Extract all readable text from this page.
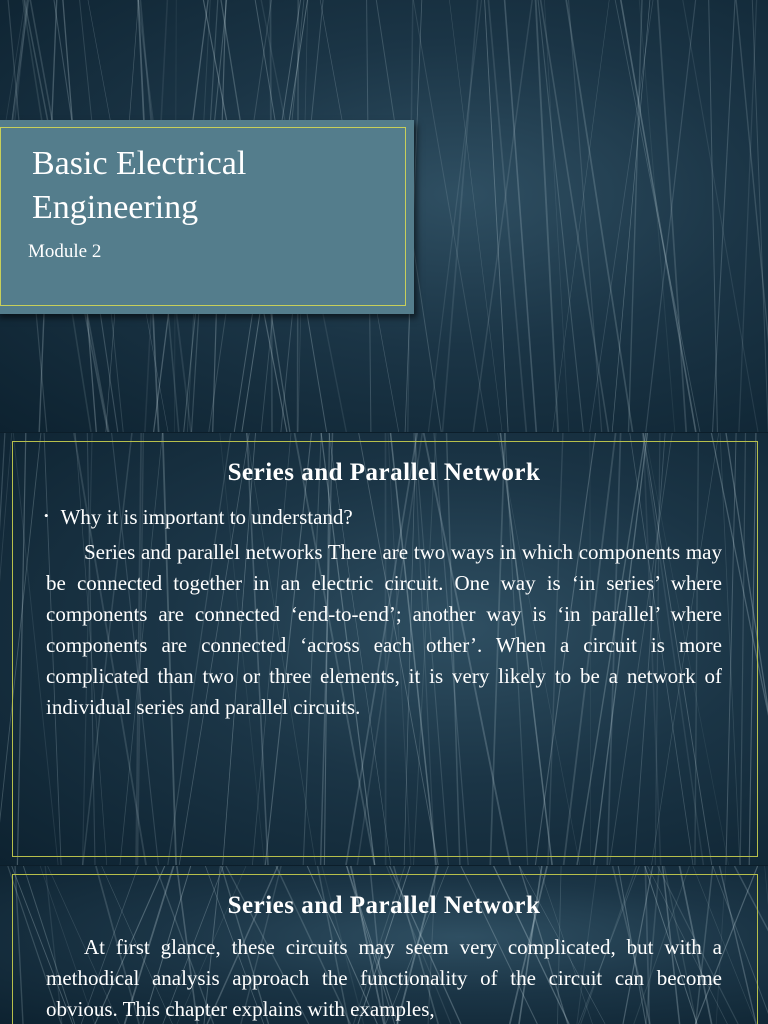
Basic Electrical Engineering
Module 2
Series and Parallel Network
• Why it is important to understand?
Series and parallel networks There are two ways in which components may be connected together in an electric circuit. One way is ‘in series’ where components are connected ‘end-to-end’; another way is ‘in parallel’ where components are connected ‘across each other’. When a circuit is more complicated than two or three elements, it is very likely to be a network of individual series and parallel circuits.
Series and Parallel Network
At first glance, these circuits may seem very complicated, but with a methodical analysis approach the functionality of the circuit can become obvious. This chapter explains with examples,
